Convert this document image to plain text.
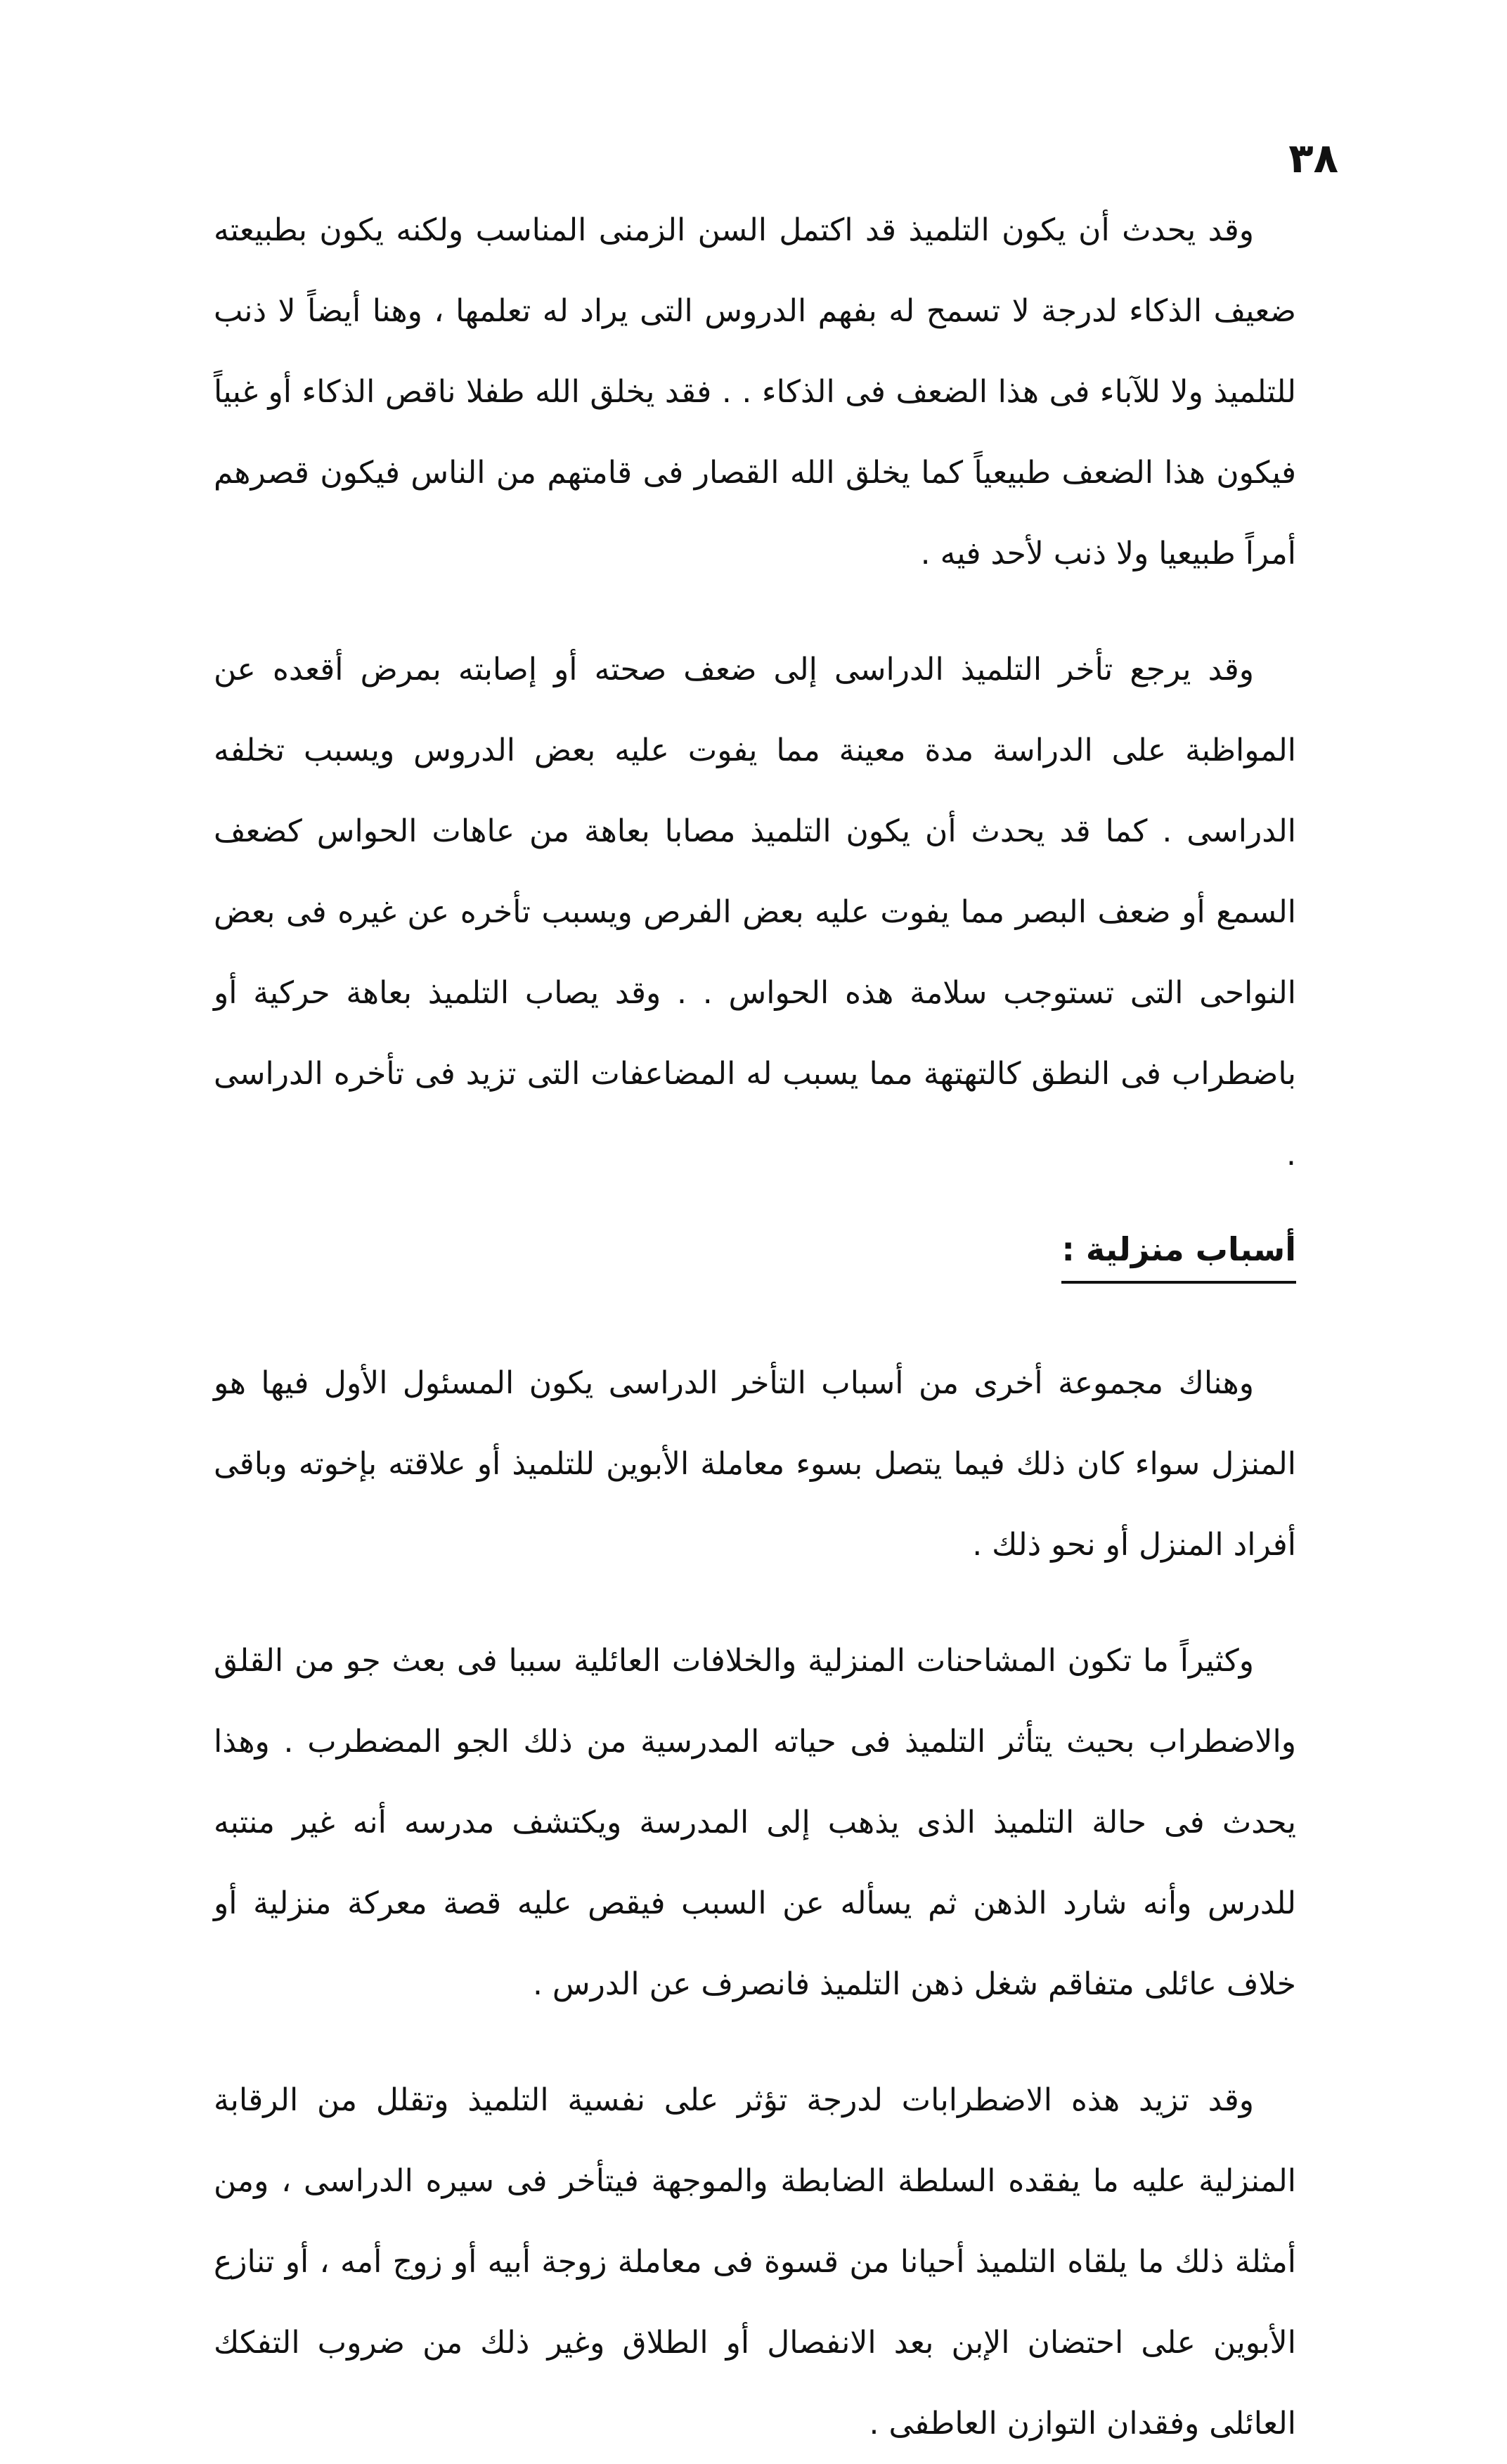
٣٨

وقد يحدث أن يكون التلميذ قد اكتمل السن الزمنى المناسب ولكنه يكون بطبيعته ضعيف الذكاء لدرجة لا تسمح له بفهم الدروس التى يراد له تعلمها ، وهنا أيضاً لا ذنب للتلميذ ولا للآباء فى هذا الضعف فى الذكاء . . فقد يخلق الله طفلا ناقص الذكاء أو غبياً فيكون هذا الضعف طبيعياً كما يخلق الله القصار فى قامتهم من الناس فيكون قصرهم أمراً طبيعيا ولا ذنب لأحد فيه .

وقد يرجع تأخر التلميذ الدراسى إلى ضعف صحته أو إصابته بمرض أقعده عن المواظبة على الدراسة مدة معينة مما يفوت عليه بعض الدروس ويسبب تخلفه الدراسى . كما قد يحدث أن يكون التلميذ مصابا بعاهة من عاهات الحواس كضعف السمع أو ضعف البصر مما يفوت عليه بعض الفرص ويسبب تأخره عن غيره فى بعض النواحى التى تستوجب سلامة هذه الحواس . . وقد يصاب التلميذ بعاهة حركية أو باضطراب فى النطق كالتهتهة مما يسبب له المضاعفات التى تزيد فى تأخره الدراسى .

أسباب منزلية :

وهناك مجموعة أخرى من أسباب التأخر الدراسى يكون المسئول الأول فيها هو المنزل سواء كان ذلك فيما يتصل بسوء معاملة الأبوين للتلميذ أو علاقته بإخوته وباقى أفراد المنزل أو نحو ذلك .

وكثيراً ما تكون المشاحنات المنزلية والخلافات العائلية سببا فى بعث جو من القلق والاضطراب بحيث يتأثر التلميذ فى حياته المدرسية من ذلك الجو المضطرب . وهذا يحدث فى حالة التلميذ الذى يذهب إلى المدرسة ويكتشف مدرسه أنه غير منتبه للدرس وأنه شارد الذهن ثم يسأله عن السبب فيقص عليه قصة معركة منزلية أو خلاف عائلى متفاقم شغل ذهن التلميذ فانصرف عن الدرس .

وقد تزيد هذه الاضطرابات لدرجة تؤثر على نفسية التلميذ وتقلل من الرقابة المنزلية عليه ما يفقده السلطة الضابطة والموجهة فيتأخر فى سيره الدراسى ، ومن أمثلة ذلك ما يلقاه التلميذ أحيانا من قسوة فى معاملة زوجة أبيه أو زوج أمه ، أو تنازع الأبوين على احتضان الإبن بعد الانفصال أو الطلاق وغير ذلك من ضروب التفكك العائلى وفقدان التوازن العاطفى .
